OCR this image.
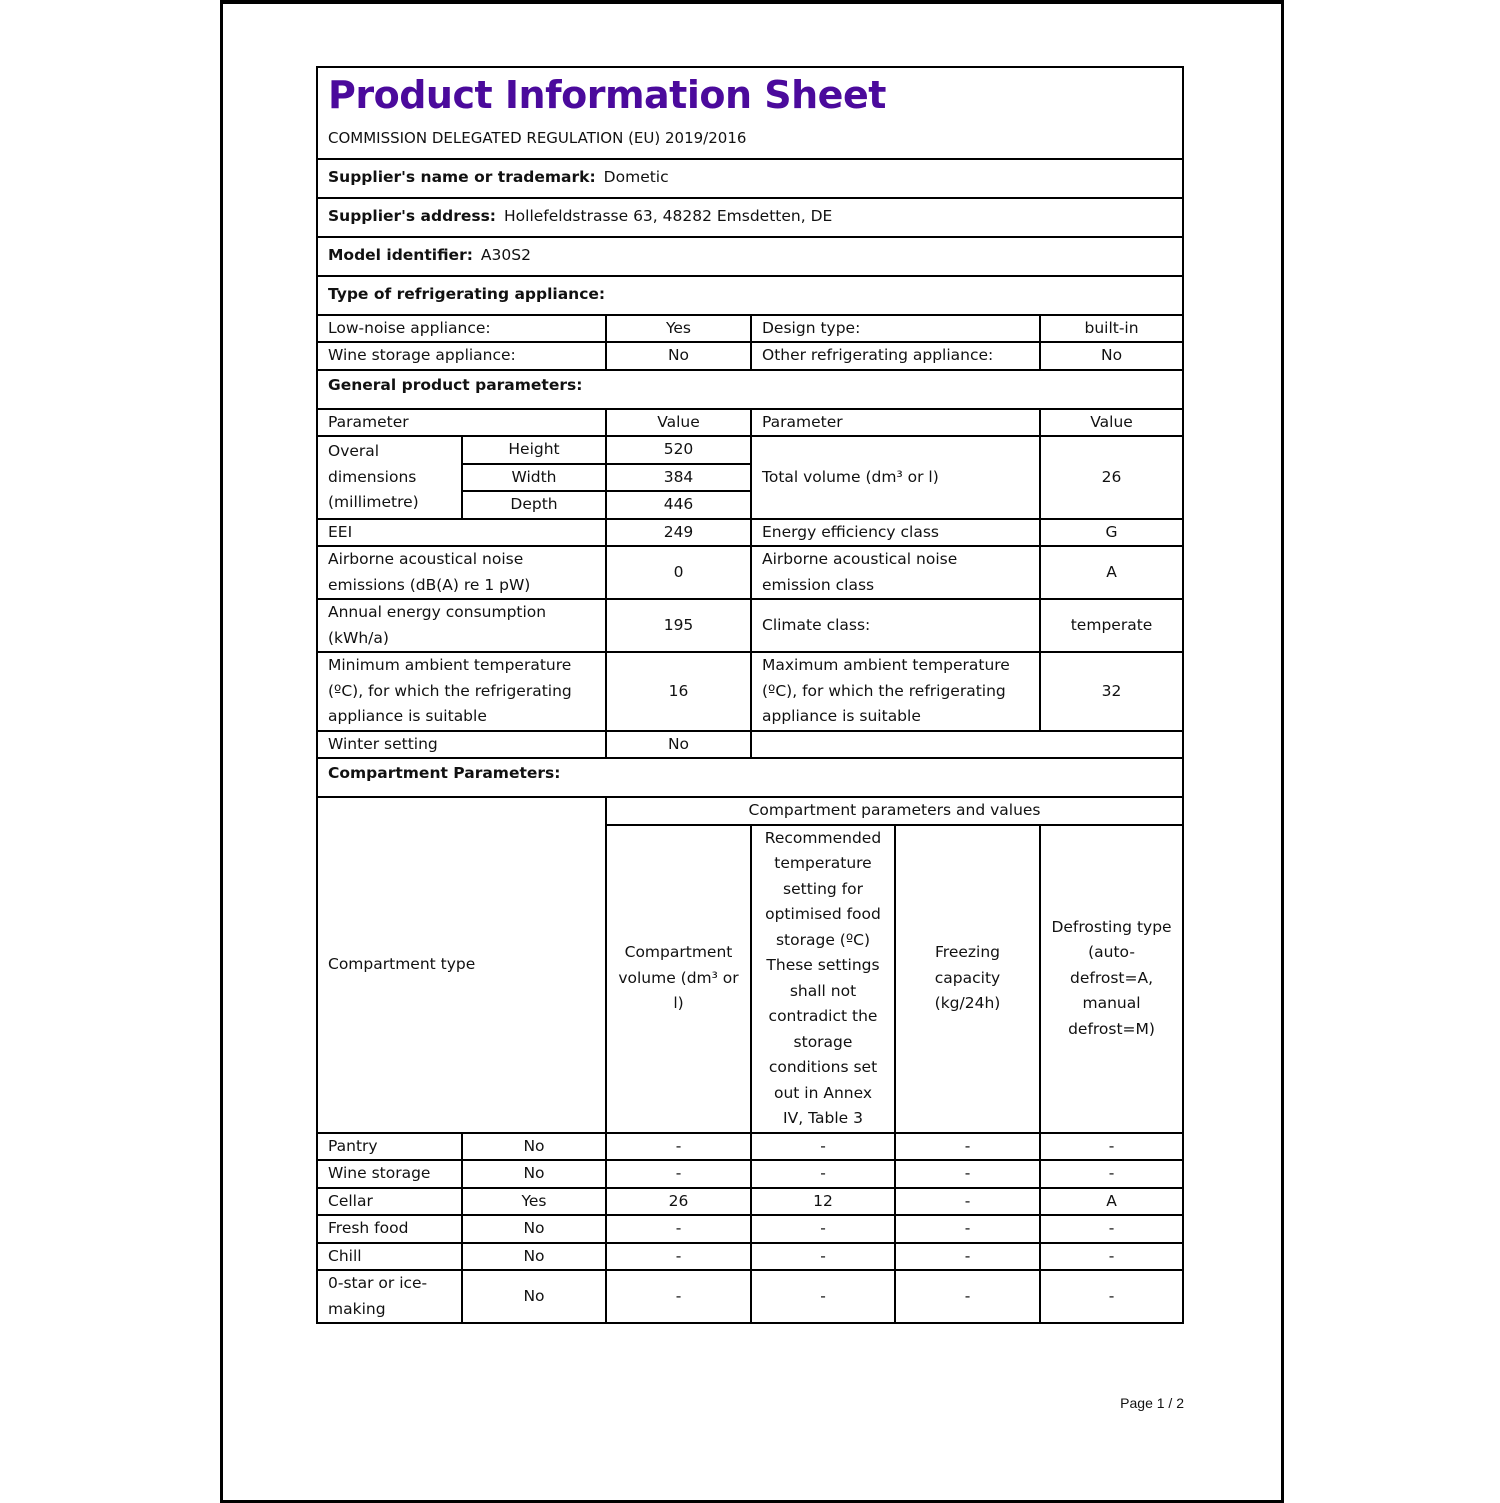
Product Information Sheet
COMMISSION DELEGATED REGULATION (EU) 2019/2016					

Supplier's name or trademark: Dometic					
Supplier's address: Hollefeldstrasse 63, 48282 Emsdetten, DE					
Model identifier: A30S2					
Type of refrigerating appliance:					
Low-noise appliance:		Yes	Design type:		built-in
Wine storage appliance:		No	Other refrigerating appliance:		No
General product parameters:					
Parameter		Value	Parameter		Value
Overal dimensions (millimetre)	Height	520	Total volume (dm³ or l)		26
	Width	384			
	Depth	446			
EEI		249	Energy efficiency class		G
Airborne acoustical noise emissions (dB(A) re 1 pW)		0	Airborne acoustical noise emission class		A
Annual energy consumption (kWh/a)		195	Climate class:		temperate
Minimum ambient temperature (ºC), for which the refrigerating appliance is suitable		16	Maximum ambient temperature (ºC), for which the refrigerating appliance is suitable		32
Winter setting		No			
Compartment Parameters:					
Compartment type		Compartment parameters and values			
		Compartment volume (dm³ or l)	Recommended temperature setting for optimised food storage (ºC) These settings shall not contradict the storage conditions set out in Annex IV, Table 3	Freezing capacity (kg/24h)	Defrosting type (auto-defrost=A, manual defrost=M)
Pantry	No	-	-	-	-
Wine storage	No	-	-	-	-
Cellar	Yes	26	12	-	A
Fresh food	No	-	-	-	-
Chill	No	-	-	-	-
0-star or ice-making	No	-	-	-	-
Page 1 / 2
